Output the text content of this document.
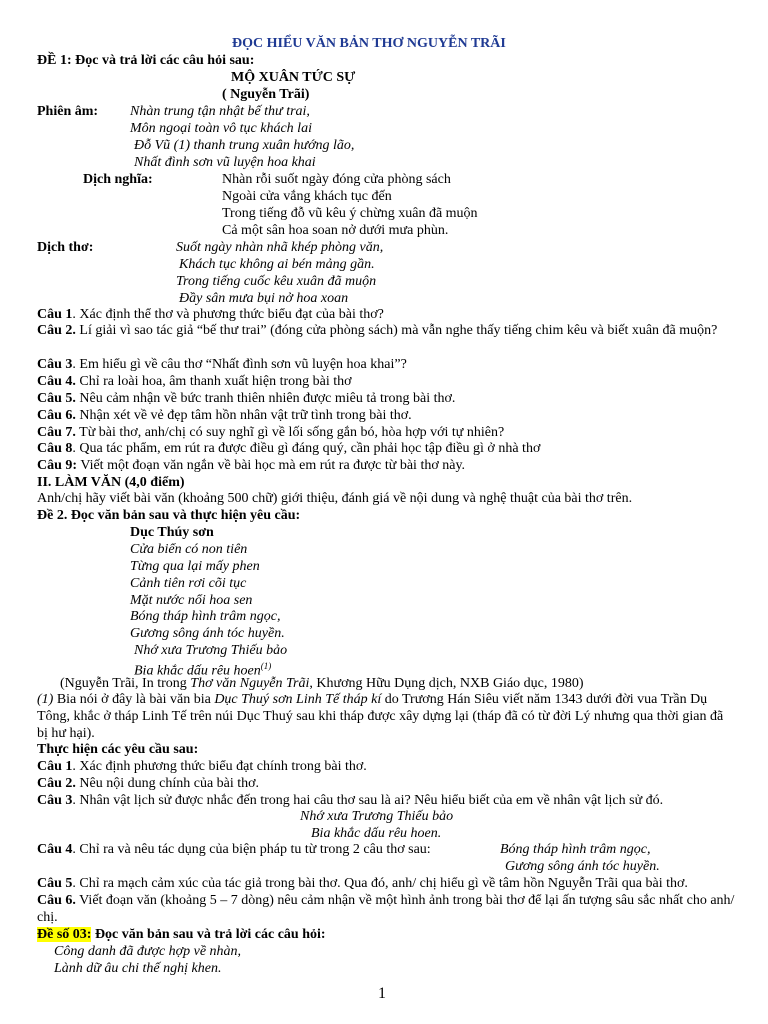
ĐỌC HIỂU VĂN BẢN THƠ NGUYỄN TRÃI
ĐỀ 1: Đọc và trả lời các câu hỏi sau:
MỘ XUÂN TỨC SỰ
( Nguyễn Trãi)
Phiên âm: Nhàn trung tận nhật bế thư trai,
Môn ngoại toàn vô tục khách lai
Đỗ Vũ (1) thanh trung xuân hướng lão,
Nhất đình sơn vũ luyện hoa khai
Dịch nghĩa:	Nhàn rỗi suốt ngày đóng cửa phòng sách
Ngoài cửa vắng khách tục đến
Trong tiếng đỗ vũ kêu ý chừng xuân đã muộn
Cả một sân hoa soan nở dưới mưa phùn.
Dịch thơ:	Suốt ngày nhàn nhã khép phòng văn,
Khách tục không ai bén mảng gần.
Trong tiếng cuốc kêu xuân đã muộn
Đầy sân mưa bụi nở hoa xoan
Câu 1. Xác định thể thơ và phương thức biểu đạt của bài thơ?
Câu 2. Lí giải vì sao tác giả “bế thư trai” (đóng cửa phòng sách) mà vẫn nghe thấy tiếng chim kêu và biết xuân đã muộn?
Câu 3. Em hiểu gì về câu thơ “Nhất đình sơn vũ luyện hoa khai”?
Câu 4. Chỉ ra loài hoa, âm thanh xuất hiện trong bài thơ
Câu 5. Nêu cảm nhận về bức tranh thiên nhiên được miêu tả trong bài thơ.
Câu 6. Nhận xét về vẻ đẹp tâm hồn nhân vật trữ tình trong bài thơ.
Câu 7. Từ bài thơ, anh/chị có suy nghĩ gì về lối sống gắn bó, hòa hợp với tự nhiên?
Câu 8. Qua tác phẩm, em rút ra được điều gì đáng quý, cần phải học tập điều gì ở nhà thơ
Câu 9: Viết một đoạn văn ngắn về bài học mà em rút ra được từ bài thơ này.
II. LÀM VĂN (4,0 điểm)
Anh/chị hãy viết bài văn (khoảng 500 chữ) giới thiệu, đánh giá về nội dung và nghệ thuật của bài thơ trên.
Đề 2. Đọc văn bản sau và thực hiện yêu cầu:
Dục Thúy sơn
Cửa biển có non tiên
Từng qua lại mấy phen
Cảnh tiên rơi cõi tục
Mặt nước nổi hoa sen
Bóng tháp hình trâm ngọc,
Gương sông ánh tóc huyền.
Nhớ xưa Trương Thiếu bảo
Bia khắc dấu rêu hoen$^{(1)}$
(Nguyễn Trãi, In trong Thơ văn Nguyễn Trãi, Khương Hữu Dụng dịch, NXB Giáo dục, 1980)
(1) Bia nói ở đây là bài văn bia Dục Thuý sơn Linh Tế tháp kí do Trương Hán Siêu viết năm 1343 dưới đời vua Trần Dụ Tông, khắc ở tháp Linh Tế trên núi Dục Thuý sau khi tháp được xây dựng lại (tháp đã có từ đời Lý nhưng qua thời gian đã bị hư hại).
Thực hiện các yêu cầu sau:
Câu 1. Xác định phương thức biểu đạt chính trong bài thơ.
Câu 2. Nêu nội dung chính của bài thơ.
Câu 3. Nhân vật lịch sử được nhắc đến trong hai câu thơ sau là ai? Nêu hiểu biết của em về nhân vật lịch sử đó.
Nhớ xưa Trương Thiếu bảo
Bia khắc dấu rêu hoen.
Câu 4. Chỉ ra và nêu tác dụng của biện pháp tu từ trong 2 câu thơ sau:	Bóng tháp hình trâm ngọc,
Gương sông ánh tóc huyền.
Câu 5. Chỉ ra mạch cảm xúc của tác giả trong bài thơ. Qua đó, anh/ chị hiểu gì về tâm hồn Nguyễn Trãi qua bài thơ.
Câu 6. Viết đoạn văn (khoảng 5 – 7 dòng) nêu cảm nhận về một hình ảnh trong bài thơ để lại ấn tượng sâu sắc nhất cho anh/ chị.
Đề số 03: Đọc văn bản sau và trả lời các câu hỏi:
Công danh đã được hợp về nhàn,
Lành dữ âu chi thế nghị khen.
1
